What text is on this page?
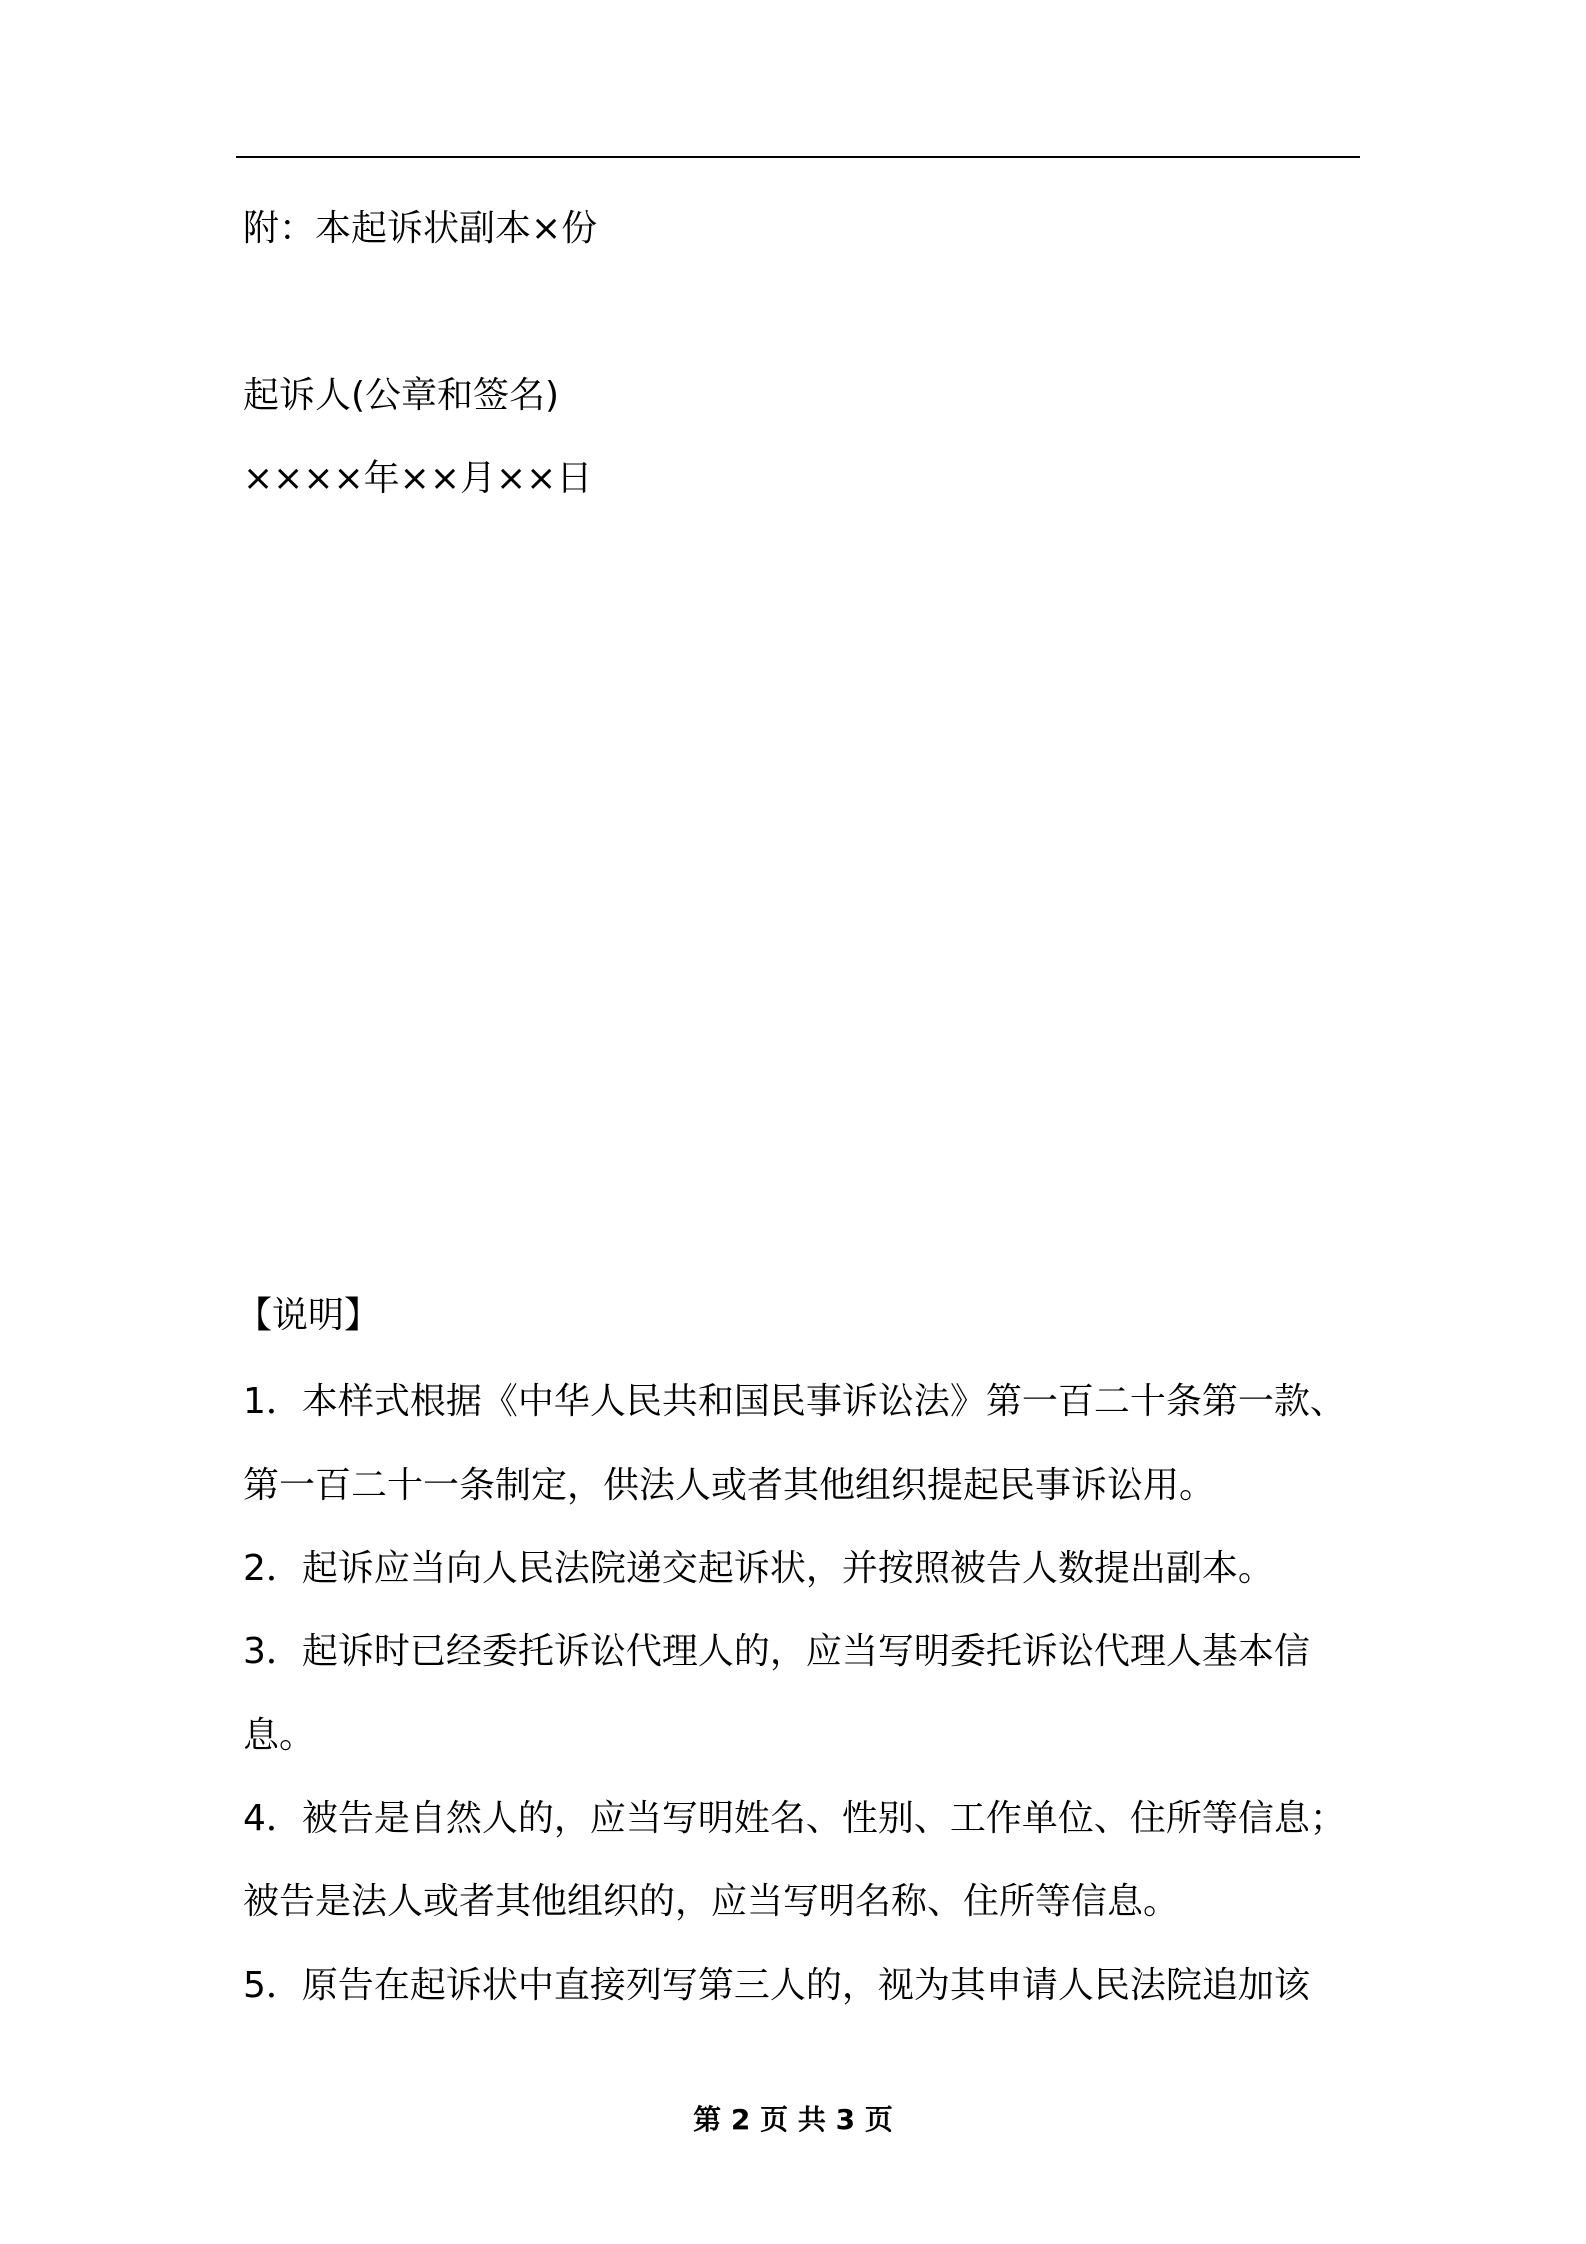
附：本起诉状副本×份
起诉人(公章和签名)
××××年××月××日
【说明】
1．本样式根据《中华人民共和国民事诉讼法》第一百二十条第一款、
第一百二十一条制定，供法人或者其他组织提起民事诉讼用。
2．起诉应当向人民法院递交起诉状，并按照被告人数提出副本。
3．起诉时已经委托诉讼代理人的，应当写明委托诉讼代理人基本信
息。
4．被告是自然人的，应当写明姓名、性别、工作单位、住所等信息；
被告是法人或者其他组织的，应当写明名称、住所等信息。
5．原告在起诉状中直接列写第三人的，视为其申请人民法院追加该
第 2 页 共 3 页
